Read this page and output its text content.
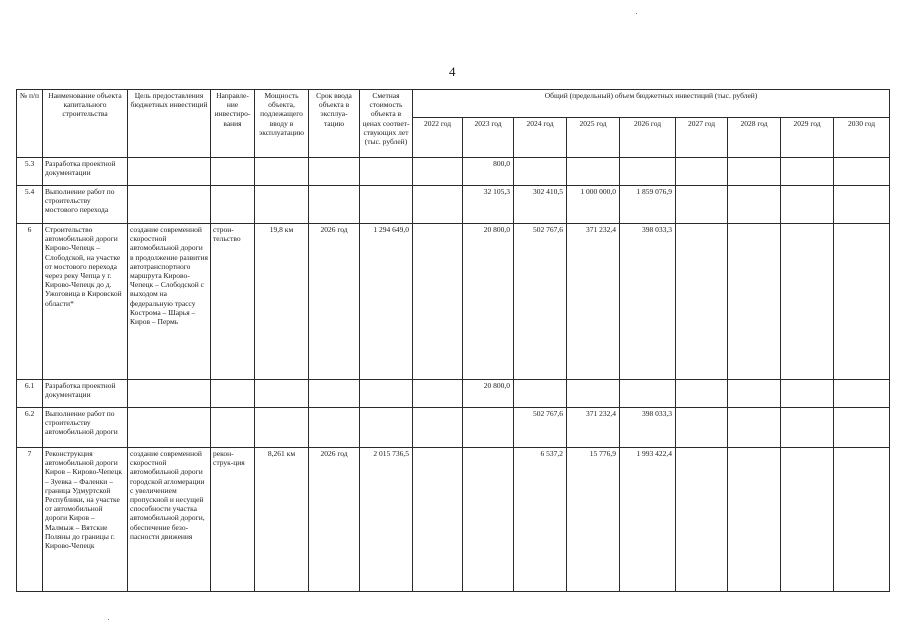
4
№ п/п	Наименование объекта капитального строительства	Цель предоставления бюджетных инвестиций	Направле-ние инвестиро-вания	Мощность объекта, подлежащего вводу в эксплуатацию	Срок ввода объекта в эксплуа-тацию	Сметная стоимость объекта в ценах соответ-ствующих лет (тыс. рублей)	Общий (предельный) объем бюджетных инвестиций (тыс. рублей)								
							2022 год	2023 год	2024 год	2025 год	2026 год	2027 год	2028 год	2029 год	2030 год
5.3	Разработка проектной документации							800,0							
5.4	Выполнение работ по строительству мостового перехода							32 105,3	302 410,5	1 000 000,0	1 859 076,9				
6	Строительство автомобильной дороги Кирово-Чепецк – Слободской, на участке от мостового перехода через реку Чепца у г. Кирово-Чепецк до д. Ужоговица в Кировской области*	создание современной скоростной автомобильной дороги в продолжение развития автотранспортного маршрута Кирово-Чепецк – Слободской с выходом на федеральную трассу Кострома – Шарья – Киров – Пермь	строи-тельство	19,8 км	2026 год	1 294 649,0		20 800,0	502 767,6	371 232,4	398 033,3				
6.1	Разработка проектной документации							20 800,0							
6.2	Выполнение работ по строительству автомобильной дороги								502 767,6	371 232,4	398 033,3				
7	Реконструкция автомобильной дороги Киров – Кирово-Чепецк – Зуевка – Фаленки – граница Удмуртской Республики, на участке от автомобильной дороги Киров – Малмыж – Вятские Поляны до границы г. Кирово-Чепецк	создание современной скоростной автомобильной дороги городской агломерации с увеличением пропускной и несущей способности участка автомобильной дороги, обеспечение безо-пасности движения	рекон-струк-ция	8,261 км	2026 год	2 015 736,5			6 537,2	15 776,9	1 993 422,4				
